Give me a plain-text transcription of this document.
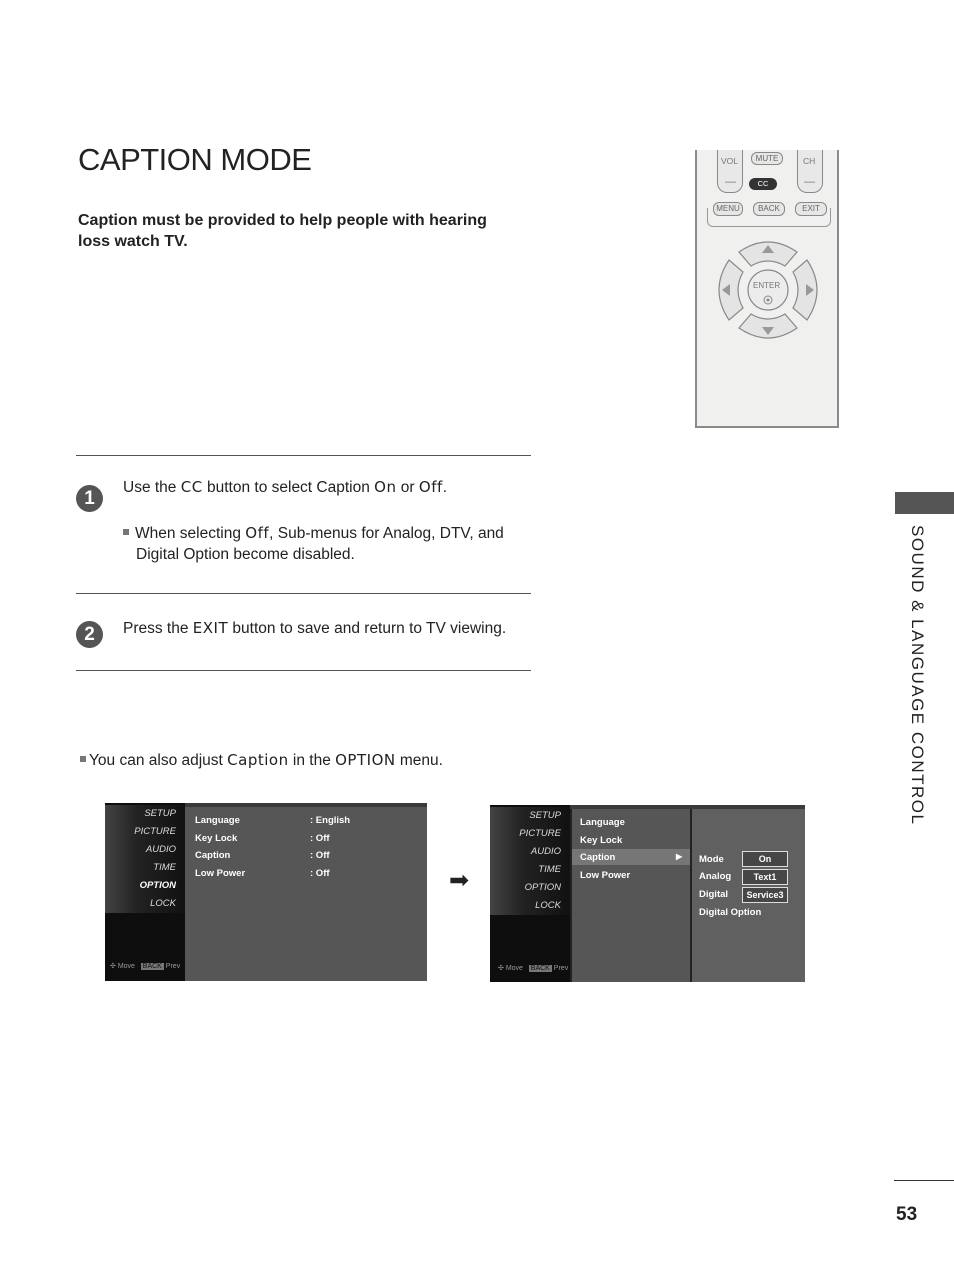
CAPTION MODE
Caption must be provided to help people with hearing loss watch TV.
VOL
—
CH
—
MUTE
CC
MENU	BACK	EXIT
ENTER
1
Use the CC button to select Caption On or Off.
When selecting Off, Sub-menus for Analog, DTV, and
Digital Option become disabled.
2	Press the EXIT button to save and return to TV viewing.
You can also adjust Caption in the OPTION menu.
SETUP
PICTURE
AUDIO
TIME
OPTION
LOCK
✣ Move BACK Prev
Language	: English
Key Lock	: Off
Caption	: Off
Low Power	: Off	➡
SETUP
PICTURE
AUDIO
TIME
OPTION
LOCK
✣ Move BACK Prev
Language
Key Lock
Caption	▶
Low Power
Mode	On
Analog	Text1
Digital	Service3
Digital Option
SOUND & LANGUAGE CONTROL
53
